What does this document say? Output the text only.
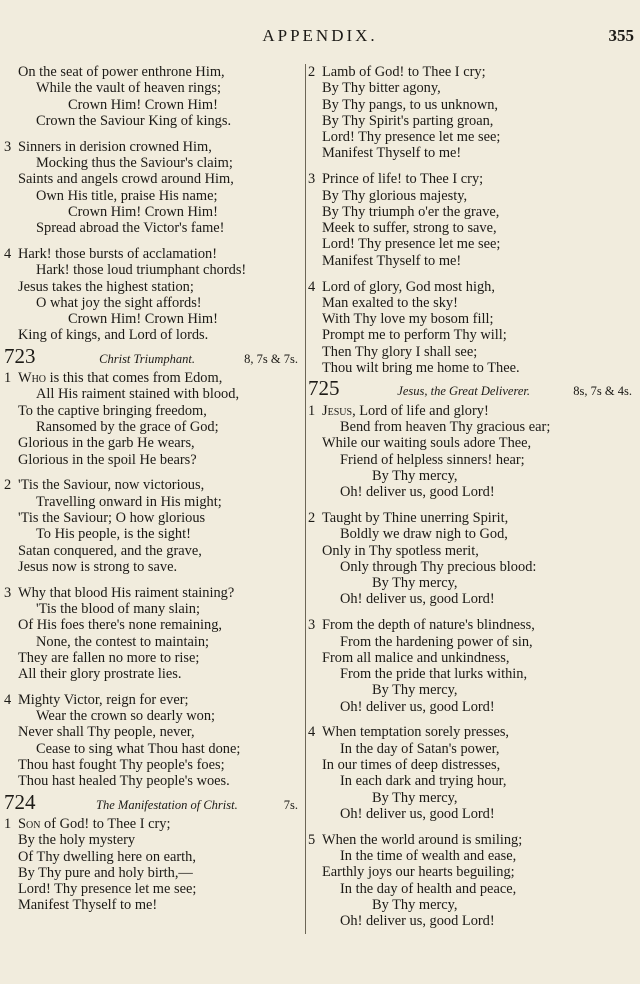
APPENDIX.	355
On the seat of power enthrone Him,
While the vault of heaven rings;
Crown Him! Crown Him!
Crown the Saviour King of kings.
3 Sinners in derision crowned Him,
Mocking thus the Saviour's claim;
Saints and angels crowd around Him,
Own His title, praise His name;
Crown Him! Crown Him!
Spread abroad the Victor's fame!
4 Hark! those bursts of acclamation!
Hark! those loud triumphant chords!
Jesus takes the highest station;
O what joy the sight affords!
Crown Him! Crown Him!
King of kings, and Lord of lords.
723	Christ Triumphant.	8, 7s & 7s.
1 Who is this that comes from Edom,
All His raiment stained with blood,
To the captive bringing freedom,
Ransomed by the grace of God;
Glorious in the garb He wears,
Glorious in the spoil He bears?
2 'Tis the Saviour, now victorious,
Travelling onward in His might;
'Tis the Saviour; O how glorious
To His people, is the sight!
Satan conquered, and the grave,
Jesus now is strong to save.
3 Why that blood His raiment staining?
'Tis the blood of many slain;
Of His foes there's none remaining,
None, the contest to maintain;
They are fallen no more to rise;
All their glory prostrate lies.
4 Mighty Victor, reign for ever;
Wear the crown so dearly won;
Never shall Thy people, never,
Cease to sing what Thou hast done;
Thou hast fought Thy people's foes;
Thou hast healed Thy people's woes.
724	The Manifestation of Christ.	7s.
1 Son of God! to Thee I cry;
By the holy mystery
Of Thy dwelling here on earth,
By Thy pure and holy birth,—
Lord! Thy presence let me see;
Manifest Thyself to me!
2 Lamb of God! to Thee I cry;
By Thy bitter agony,
By Thy pangs, to us unknown,
By Thy Spirit's parting groan,
Lord! Thy presence let me see;
Manifest Thyself to me!
3 Prince of life! to Thee I cry;
By Thy glorious majesty,
By Thy triumph o'er the grave,
Meek to suffer, strong to save,
Lord! Thy presence let me see;
Manifest Thyself to me!
4 Lord of glory, God most high,
Man exalted to the sky!
With Thy love my bosom fill;
Prompt me to perform Thy will;
Then Thy glory I shall see;
Thou wilt bring me home to Thee.
725	Jesus, the Great Deliverer.	8s, 7s & 4s.
1 Jesus, Lord of life and glory!
Bend from heaven Thy gracious ear;
While our waiting souls adore Thee,
Friend of helpless sinners! hear;
By Thy mercy,
Oh! deliver us, good Lord!
2 Taught by Thine unerring Spirit,
Boldly we draw nigh to God,
Only in Thy spotless merit,
Only through Thy precious blood:
By Thy mercy,
Oh! deliver us, good Lord!
3 From the depth of nature's blindness,
From the hardening power of sin,
From all malice and unkindness,
From the pride that lurks within,
By Thy mercy,
Oh! deliver us, good Lord!
4 When temptation sorely presses,
In the day of Satan's power,
In our times of deep distresses,
In each dark and trying hour,
By Thy mercy,
Oh! deliver us, good Lord!
5 When the world around is smiling;
In the time of wealth and ease,
Earthly joys our hearts beguiling;
In the day of health and peace,
By Thy mercy,
Oh! deliver us, good Lord!
